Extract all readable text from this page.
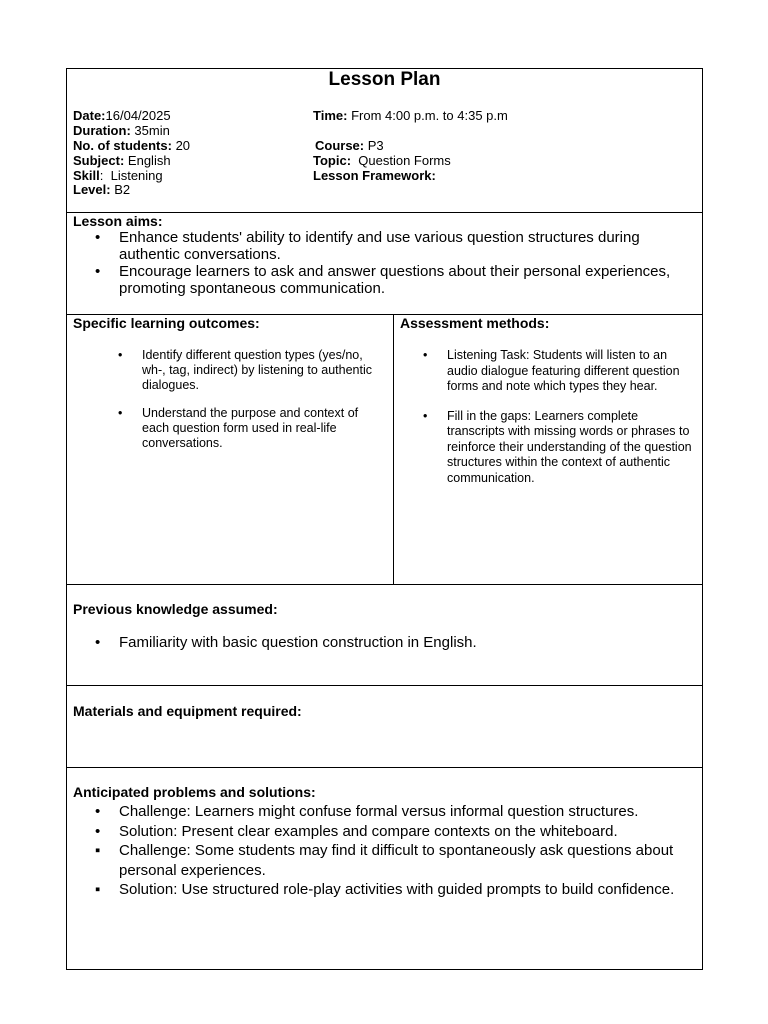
Lesson Plan
Date:16/04/2025	Time: From 4:00 p.m. to 4:35 p.m
Duration: 35min
No. of students: 20	Course: P3
Subject: English	Topic: Question Forms
Skill:  Listening	Lesson Framework:
Level: B2
Lesson aims:
• Enhance students' ability to identify and use various question structures during authentic conversations.
• Encourage learners to ask and answer questions about their personal experiences, promoting spontaneous communication.
Specific learning outcomes:
• Identify different question types (yes/no, wh-, tag, indirect) by listening to authentic dialogues.
• Understand the purpose and context of each question form used in real-life conversations.
Assessment methods:
• Listening Task: Students will listen to an audio dialogue featuring different question forms and note which types they hear.
• Fill in the gaps: Learners complete transcripts with missing words or phrases to reinforce their understanding of the question structures within the context of authentic communication.
Previous knowledge assumed:
• Familiarity with basic question construction in English.
Materials and equipment required:
Anticipated problems and solutions:
• Challenge: Learners might confuse formal versus informal question structures.
• Solution: Present clear examples and compare contexts on the whiteboard.
▪ Challenge: Some students may find it difficult to spontaneously ask questions about personal experiences.
▪ Solution: Use structured role-play activities with guided prompts to build confidence.
